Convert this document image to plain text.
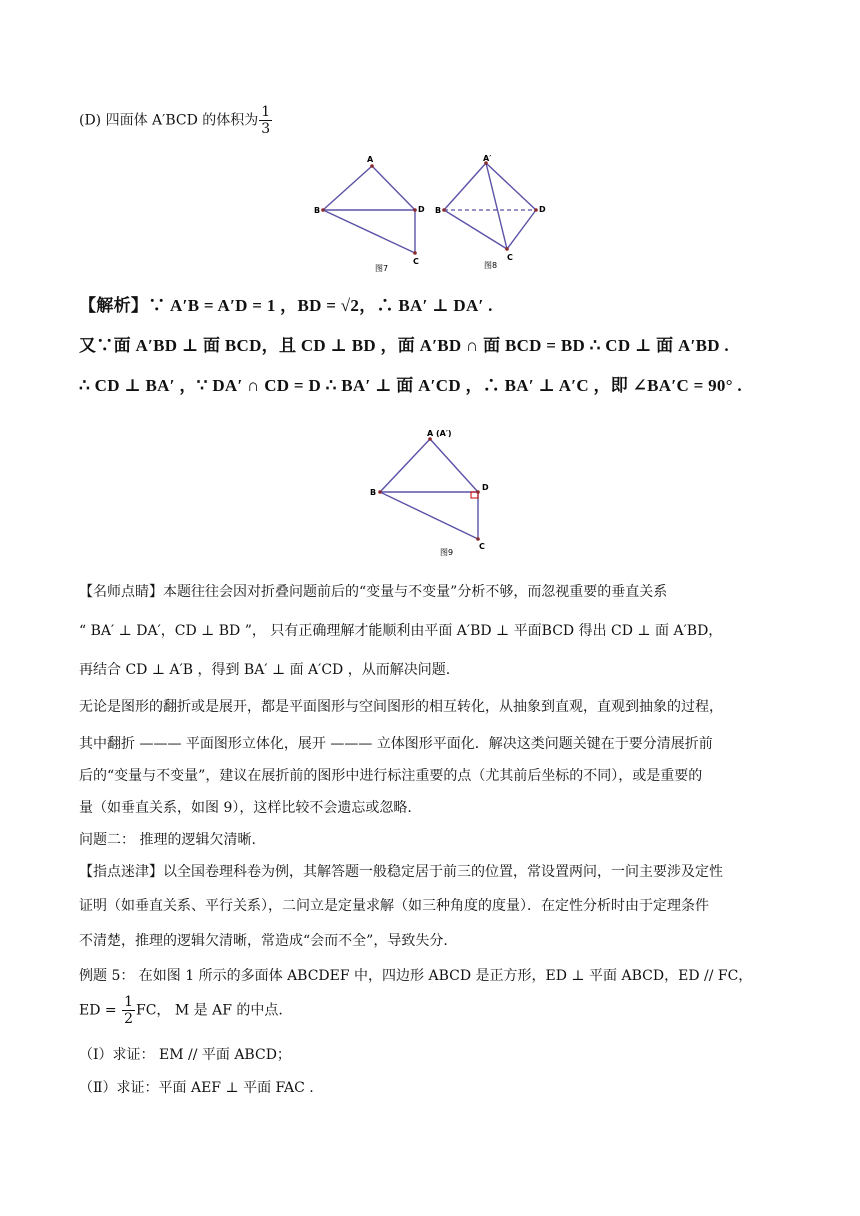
(D) 四面体 A′BCD 的体积为 $\frac{1}{3}$
A
B	D
C
图7
A′
B	D
C
图8
【解析】∵ A′B = A′D = 1 ，BD = √2，∴ BA′ ⊥ DA′ .
又∵面 A′BD ⊥ 面 BCD，且 CD ⊥ BD ，面 A′BD ∩ 面 BCD = BD ∴ CD ⊥ 面 A′BD .
∴ CD ⊥ BA′ ，∵ DA′ ∩ CD = D ∴ BA′ ⊥ 面 A′CD ，∴ BA′ ⊥ A′C ，即 ∠BA′C = 90° .
A (A′)
B
D
C
图9
【名师点睛】本题往往会因对折叠问题前后的“变量与不变量”分析不够，而忽视重要的垂直关系
“ BA′ ⊥ DA′，CD ⊥ BD ”， 只有正确理解才能顺利由平面 A′BD ⊥ 平面BCD 得出 CD ⊥ 面 A′BD，
再结合 CD ⊥ A′B ，得到 BA′ ⊥ 面 A′CD ，从而解决问题.
无论是图形的翻折或是展开，都是平面图形与空间图形的相互转化，从抽象到直观，直观到抽象的过程，
其中翻折 ——— 平面图形立体化，展开 ——— 立体图形平面化．解决这类问题关键在于要分清展折前
后的“变量与不变量”，建议在展折前的图形中进行标注重要的点（尤其前后坐标的不同），或是重要的
量（如垂直关系，如图 9），这样比较不会遗忘或忽略.
问题二： 推理的逻辑欠清晰.
【指点迷津】以全国卷理科卷为例，其解答题一般稳定居于前三的位置，常设置两问，一问主要涉及定性
证明（如垂直关系、平行关系），二问立是定量求解（如三种角度的度量）．在定性分析时由于定理条件
不清楚，推理的逻辑欠清晰，常造成“会而不全”，导致失分.
例题 5： 在如图 1 所示的多面体 ABCDEF 中，四边形 ABCD 是正方形，ED ⊥ 平面 ABCD，ED // FC，
ED = $\frac{1}{2}$ FC， M 是 AF 的中点.
（Ⅰ）求证： EM // 平面 ABCD；
（Ⅱ）求证：平面 AEF ⊥ 平面 FAC .
